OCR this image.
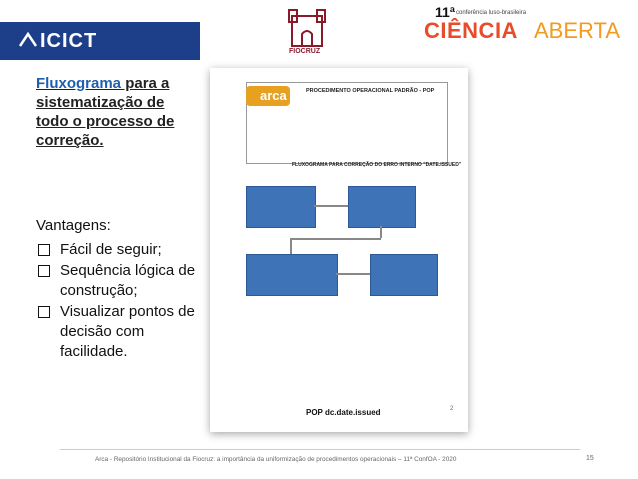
ICICT	FIOCRUZ
11ª conferência luso-brasileira
CIÊNCIA ABERTA
Fluxograma para a sistematização de todo o processo de correção.
Vantagens:
Fácil de seguir;
Sequência lógica de construção;
Visualizar pontos de decisão com facilidade.
arca	PROCEDIMENTO OPERACIONAL PADRÃO - POP
FLUXOGRAMA PARA CORREÇÃO DO ERRO INTERNO "DATE.ISSUED"
POP dc.date.issued	2
Arca - Repositório Institucional da Fiocruz: a importância da uniformização de procedimentos operacionais – 11ª ConfOA - 2020	15
